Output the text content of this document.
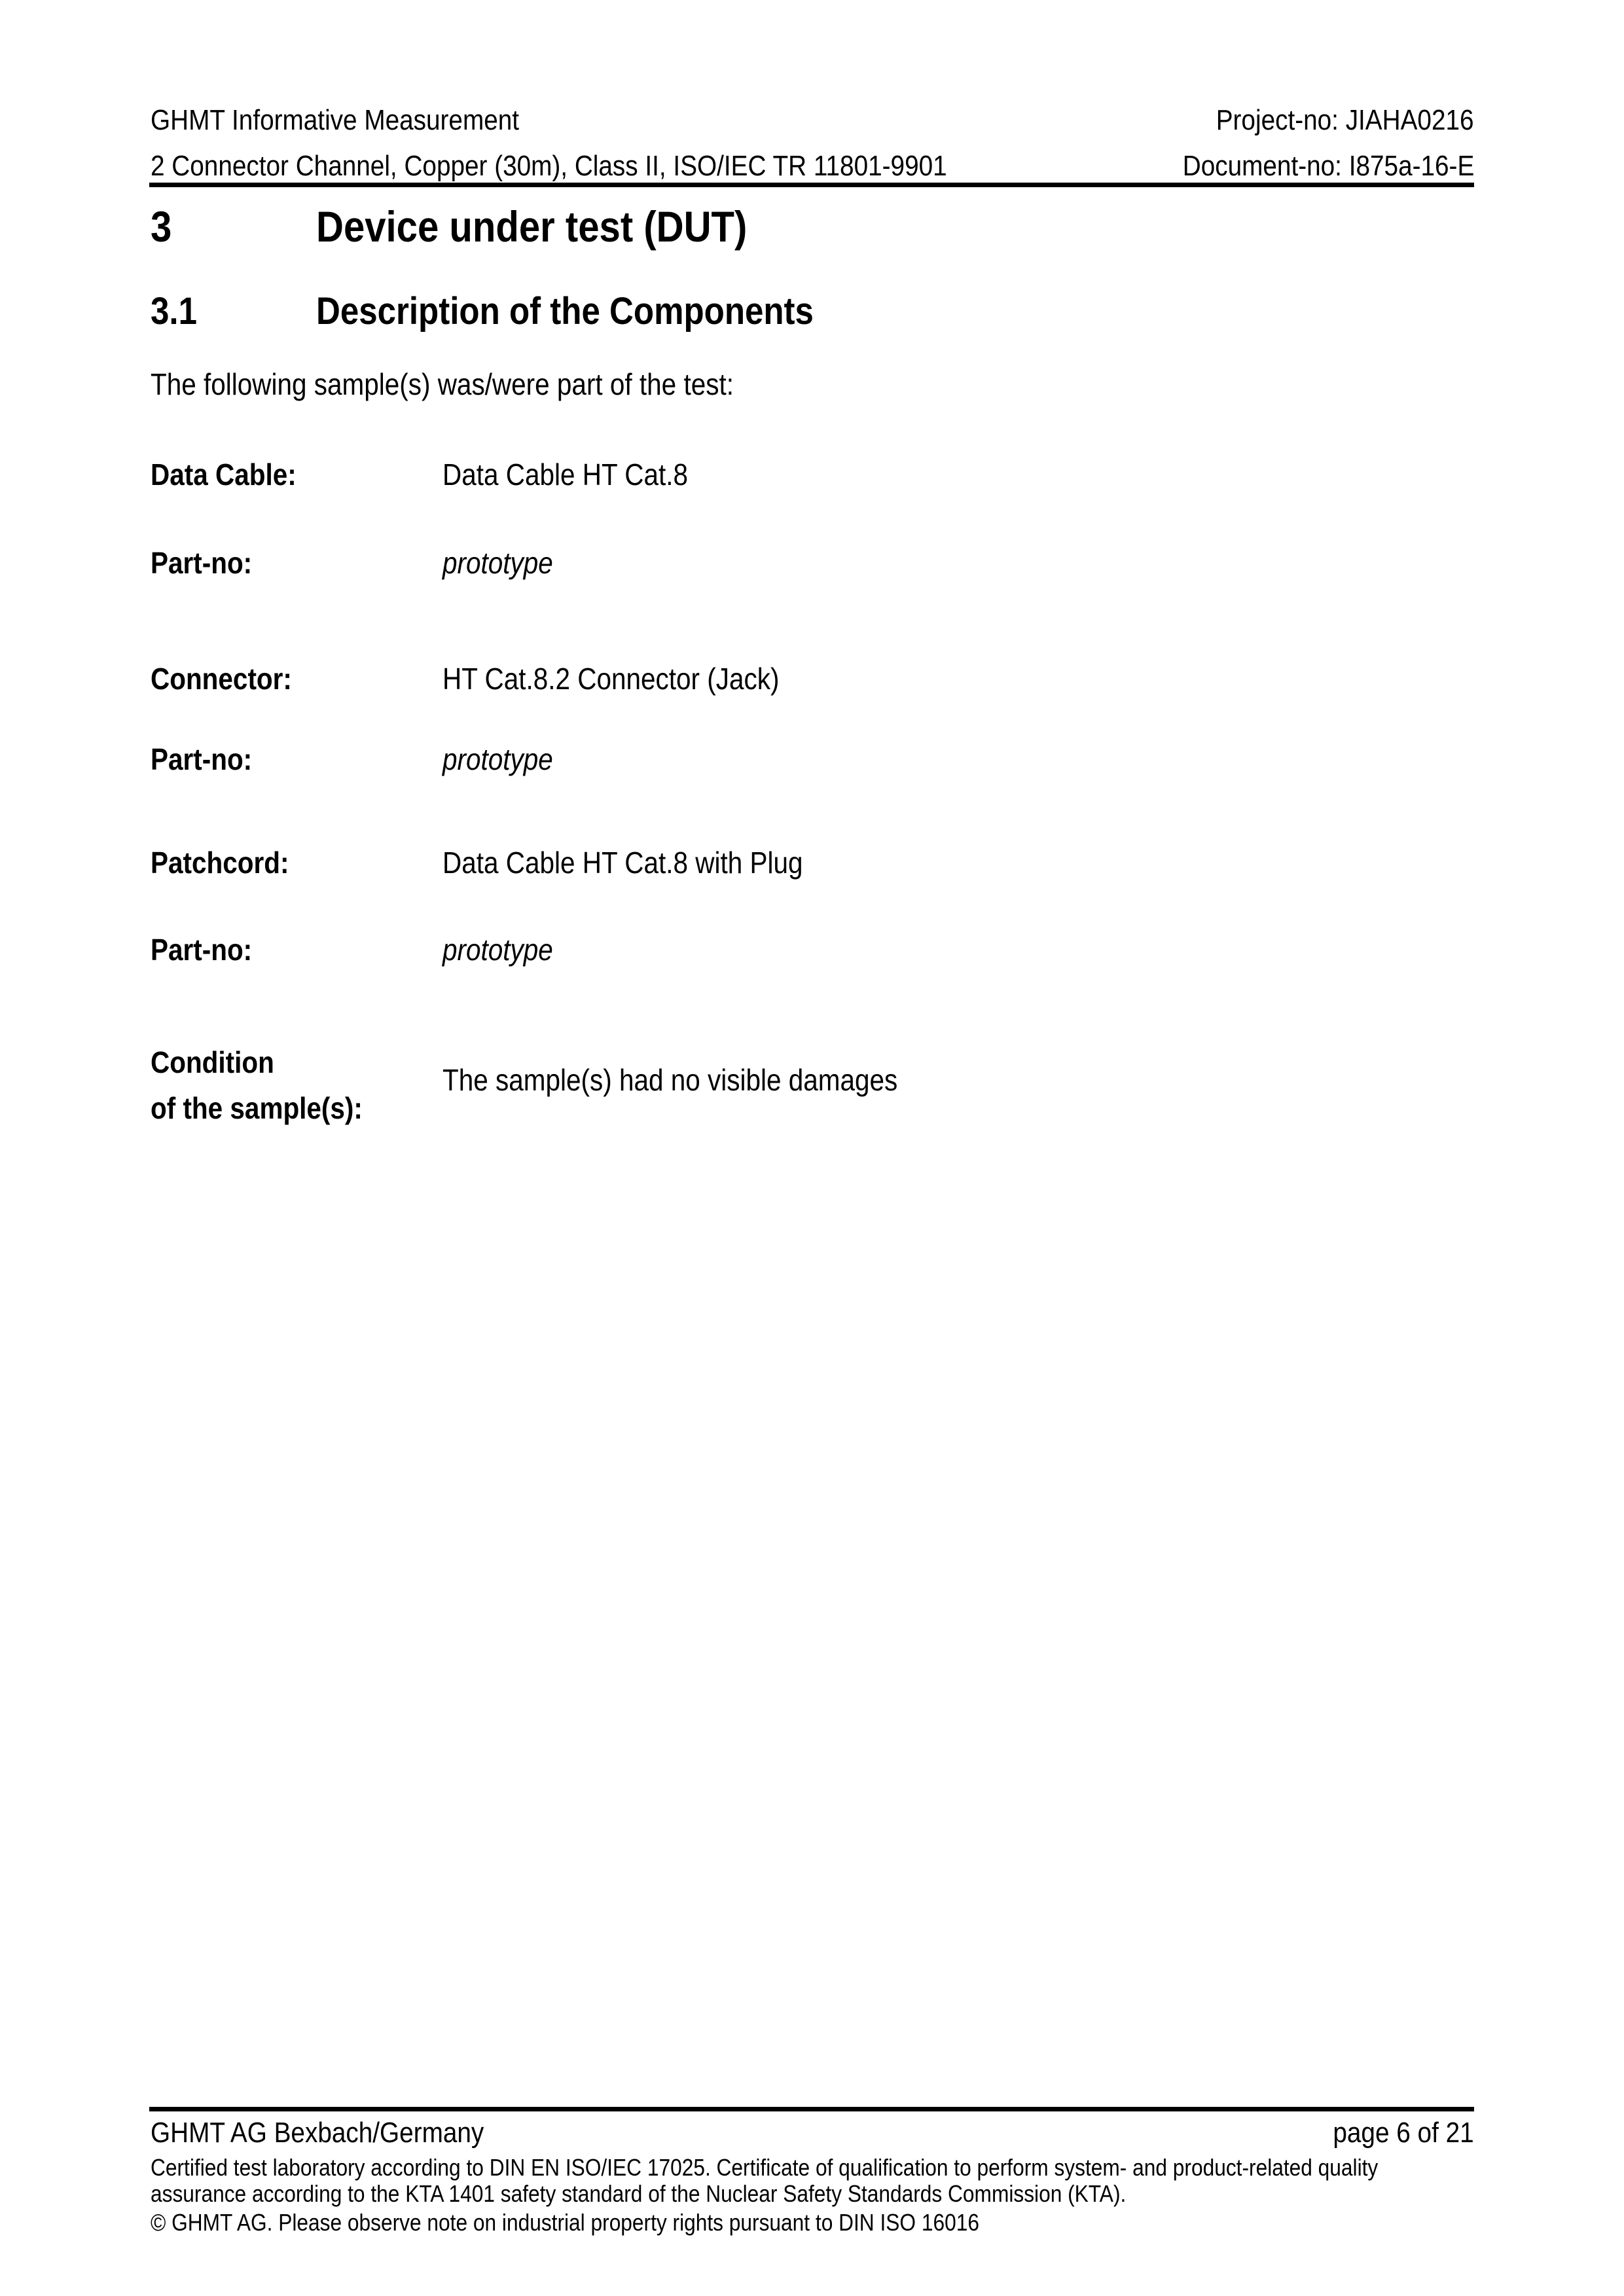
GHMT Informative Measurement
2 Connector Channel, Copper (30m), Class II, ISO/IEC TR 11801-9901
Project-no: JIAHA0216
Document-no: I875a-16-E
3	Device under test (DUT)
3.1	Description of the Components
The following sample(s) was/were part of the test:
Data Cable:	Data Cable HT Cat.8
Part-no:	prototype
Connector:	HT Cat.8.2 Connector (Jack)
Part-no:	prototype
Patchcord:	Data Cable HT Cat.8 with Plug
Part-no:	prototype
Condition
of the sample(s):
The sample(s) had no visible damages
GHMT AG Bexbach/Germany	page 6 of 21
Certified test laboratory according to DIN EN ISO/IEC 17025. Certificate of qualification to perform system- and product-related quality
assurance according to the KTA 1401 safety standard of the Nuclear Safety Standards Commission (KTA).
© GHMT AG. Please observe note on industrial property rights pursuant to DIN ISO 16016
